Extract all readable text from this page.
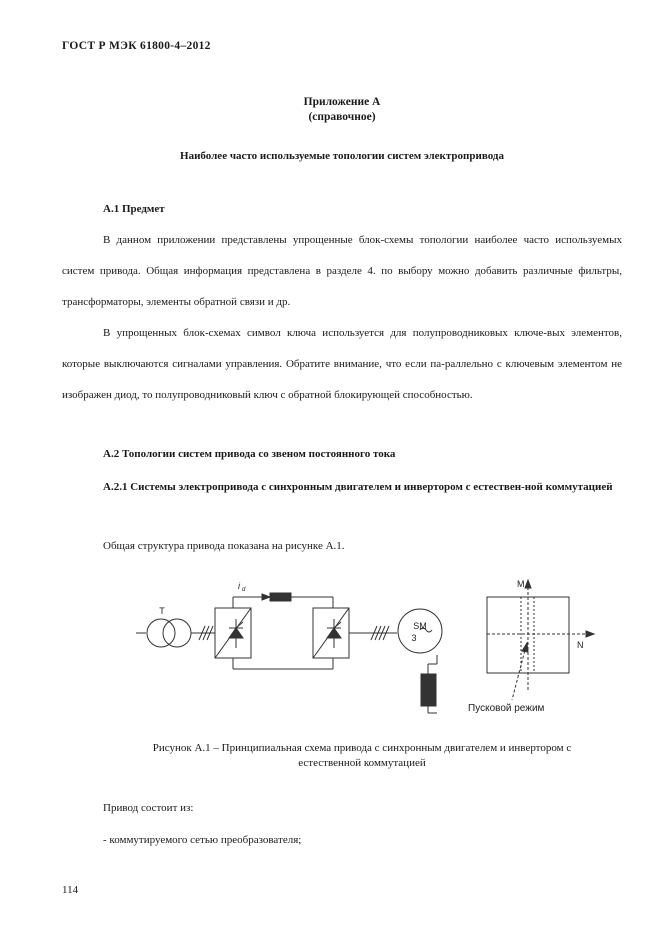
ГОСТ Р МЭК 61800-4–2012
Приложение А
(справочное)
Наиболее часто используемые топологии систем электропривода
А.1 Предмет
В данном приложении представлены упрощенные блок-схемы топологии наиболее часто используемых систем привода. Общая информация представлена в разделе 4. по выбору можно добавить различные фильтры, трансформаторы, элементы обратной связи и др.
В упрощенных блок-схемах символ ключа используется для полупроводниковых ключе-вых элементов, которые выключаются сигналами управления. Обратите внимание, что если па-раллельно с ключевым элементом не изображен диод, то полупроводниковый ключ с обратной блокирующей способностью.
А.2 Топологии систем привода со звеном постоянного тока
А.2.1 Системы электропривода с синхронным двигателем и инвертором с естествен-ной коммутацией
Общая структура привода показана на рисунке А.1.
T
i d
SM
3
M
N
Пусковой режим
Рисунок А.1 – Принципиальная схема привода с синхронным двигателем и инвертором с
естественной коммутацией
Привод состоит из:
- коммутируемого сетью преобразователя;
114
